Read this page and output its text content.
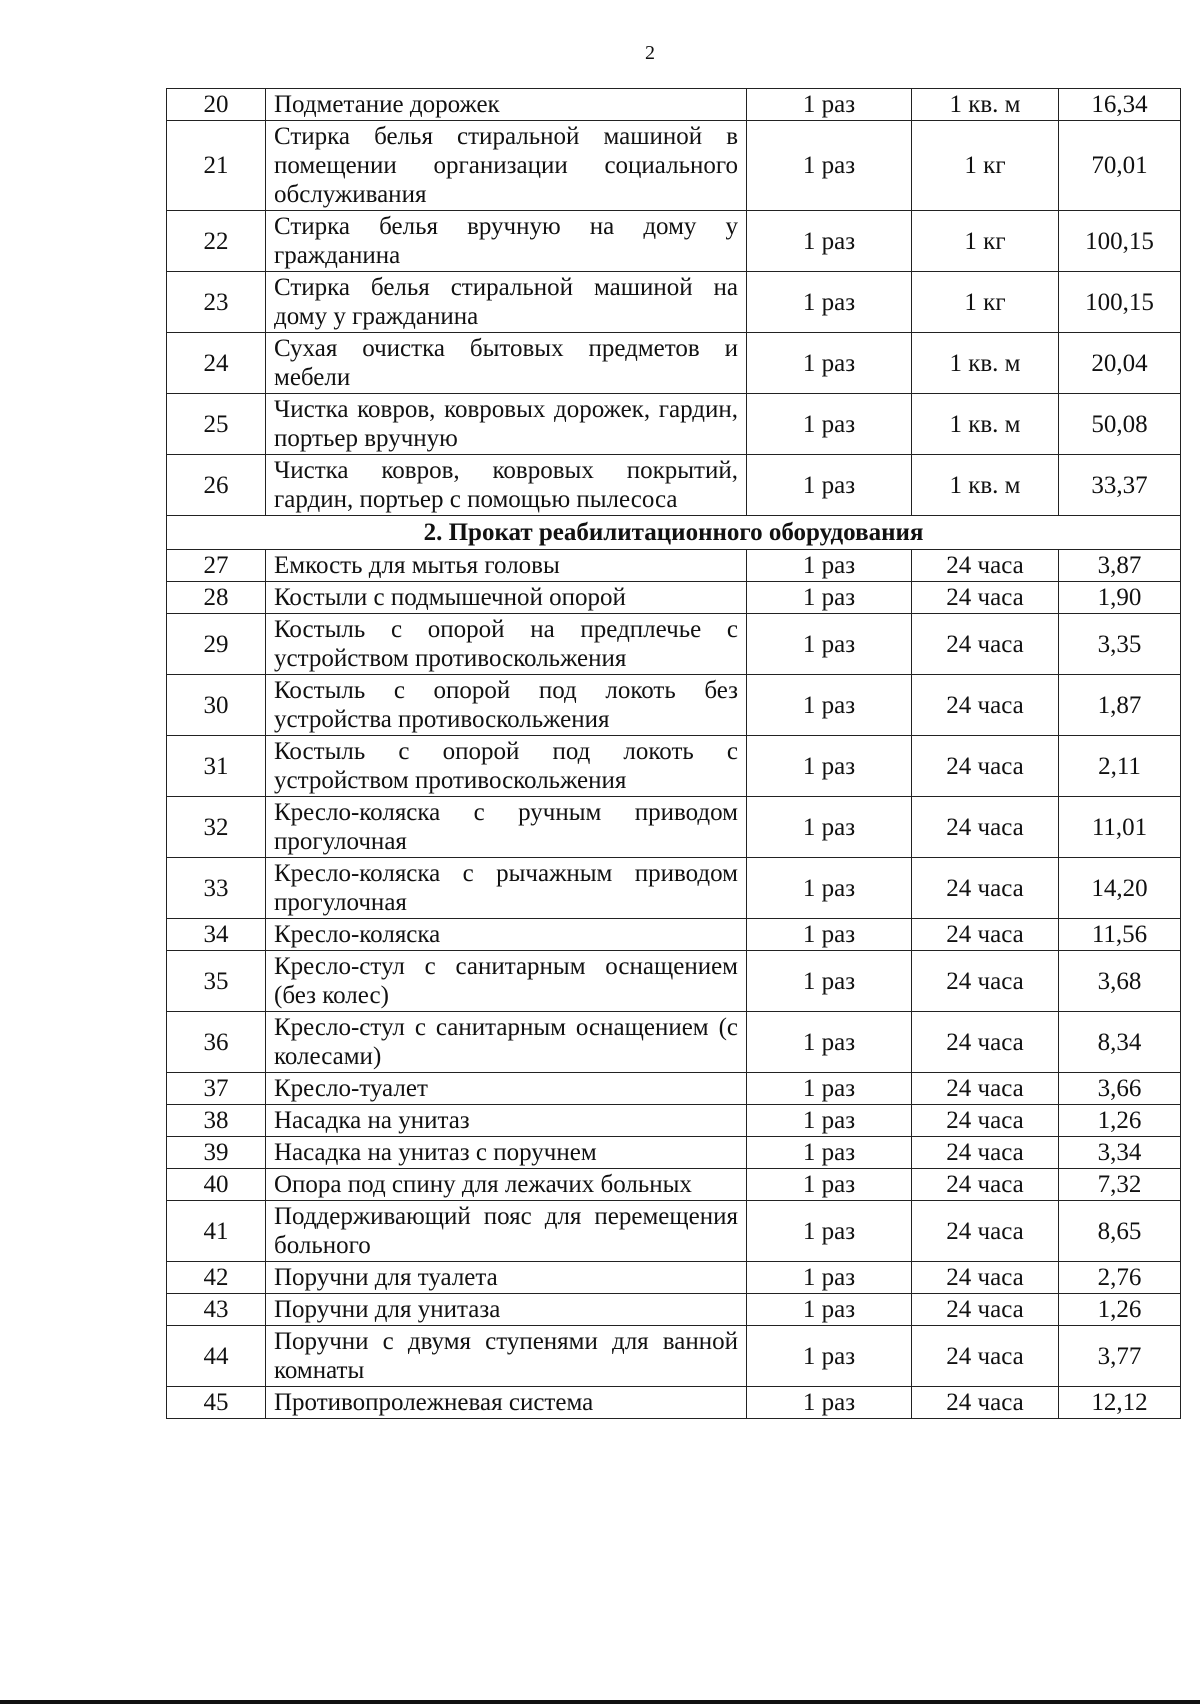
2
20	Подметание дорожек	1 раз	1 кв. м	16,34
21	Стирка белья стиральной машиной в помещении организации социального обслуживания	1 раз	1 кг	70,01
22	Стирка белья вручную на дому у гражданина	1 раз	1 кг	100,15
23	Стирка белья стиральной машиной на дому у гражданина	1 раз	1 кг	100,15
24	Сухая очистка бытовых предметов и мебели	1 раз	1 кв. м	20,04
25	Чистка ковров, ковровых дорожек, гардин, портьер вручную	1 раз	1 кв. м	50,08
26	Чистка ковров, ковровых покрытий, гардин, портьер с помощью пылесоса	1 раз	1 кв. м	33,37
2. Прокат реабилитационного оборудования				
27	Емкость для мытья головы	1 раз	24 часа	3,87
28	Костыли с подмышечной опорой	1 раз	24 часа	1,90
29	Костыль с опорой на предплечье с устройством противоскольжения	1 раз	24 часа	3,35
30	Костыль с опорой под локоть без устройства противоскольжения	1 раз	24 часа	1,87
31	Костыль с опорой под локоть с устройством противоскольжения	1 раз	24 часа	2,11
32	Кресло-коляска с ручным приводом прогулочная	1 раз	24 часа	11,01
33	Кресло-коляска с рычажным приводом прогулочная	1 раз	24 часа	14,20
34	Кресло-коляска	1 раз	24 часа	11,56
35	Кресло-стул с санитарным оснащением (без колес)	1 раз	24 часа	3,68
36	Кресло-стул с санитарным оснащением (с колесами)	1 раз	24 часа	8,34
37	Кресло-туалет	1 раз	24 часа	3,66
38	Насадка на унитаз	1 раз	24 часа	1,26
39	Насадка на унитаз с поручнем	1 раз	24 часа	3,34
40	Опора под спину для лежачих больных	1 раз	24 часа	7,32
41	Поддерживающий пояс для перемещения больного	1 раз	24 часа	8,65
42	Поручни для туалета	1 раз	24 часа	2,76
43	Поручни для унитаза	1 раз	24 часа	1,26
44	Поручни с двумя ступенями для ванной комнаты	1 раз	24 часа	3,77
45	Противопролежневая система	1 раз	24 часа	12,12
